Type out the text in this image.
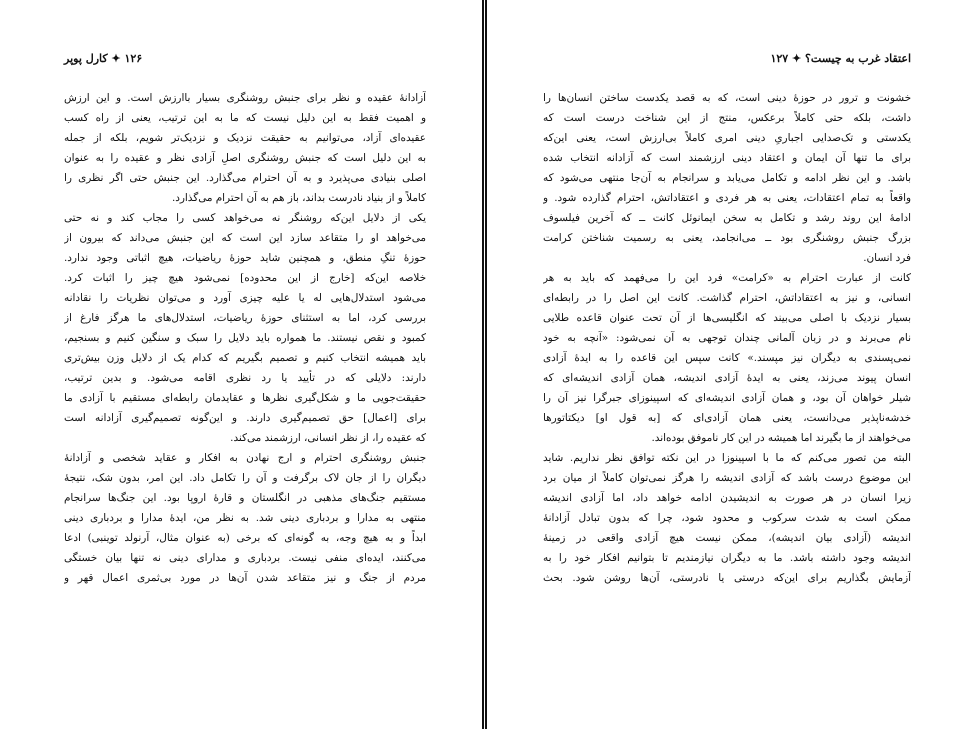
۱۲۶ ✦ کارل پوپر
آزادانهٔ عقیده و نظر برای جنبش روشنگری بسیار باارزش است. و این ارزش
و اهمیت فقط به این دلیل نیست که ما به این ترتیب، یعنی از راه کسب
عقیده‌ای آزاد، می‌توانیم به حقیقت نزدیک و نزدیک‌تر شویم، بلکه از جمله
به این دلیل است که جنبش روشنگری اصلِ آزادی نظر و عقیده را به عنوان
اصلی بنیادی می‌پذیرد و به آن احترام می‌گذارد. این جنبش حتی اگر نظری را
کاملاً و از بنیاد نادرست بداند، باز هم به آن احترام می‌گذارد.
یکی از دلایل این‌که روشنگر نه می‌خواهد کسی را مجاب کند و نه حتی
می‌خواهد او را متقاعد سازد این است که این جنبش می‌داند که بیرون از
حوزهٔ تنگِ منطق، و همچنین شاید حوزهٔ ریاضیات، هیچ اثباتی وجود ندارد.
خلاصه این‌که [خارج از این محدوده] نمی‌شود هیچ چیز را اثبات کرد.
می‌شود استدلال‌هایی له یا علیه چیزی آورد و می‌توان نظریات را نقادانه
بررسی کرد، اما به استثنای حوزهٔ ریاضیات، استدلال‌های ما هرگز فارغ از
کمبود و نقص نیستند. ما همواره باید دلایل را سبک و سنگین کنیم و بسنجیم،
باید همیشه انتخاب کنیم و تصمیم بگیریم که کدام یک از دلایل وزن بیش‌تری
دارند: دلایلی که در تأیید یا رد نظری اقامه می‌شود. و بدین ترتیب،
حقیقت‌جویی ما و شکل‌گیری نظرها و عقایدمان رابطه‌ای مستقیم با آزادی ما
برای [اعمال] حق تصمیم‌گیری دارند. و این‌گونه تصمیم‌گیری آزادانه است
که عقیده را، از نظر انسانی، ارزشمند می‌کند.
جنبش روشنگری احترام و ارج نهادن به افکار و عقاید شخصی و آزادانهٔ
دیگران را از جان لاک برگرفت و آن را تکامل داد. این امر، بدون شک، نتیجهٔ
مستقیم جنگ‌های مذهبی در انگلستان و قارهٔ اروپا بود. این جنگ‌ها سرانجام
منتهی به مدارا و بردباری دینی شد. به نظر من، ایدهٔ مدارا و بردباری دینی
ابداً و به هیچ وجه، به گونه‌ای که برخی (به عنوان مثال، آرنولد توینبی) ادعا
می‌کنند، ایده‌ای منفی نیست. بردباری و مدارای دینی نه تنها بیان خستگی
مردم از جنگ و نیز متقاعد شدن آن‌ها در مورد بی‌ثمری اعمال قهر و
اعتقاد غرب به چیست؟ ✦ ۱۲۷
خشونت و ترور در حوزهٔ دینی است، که به قصد یکدست ساختن انسان‌ها را
داشت، بلکه حتی کاملاً برعکس، منتج از این شناخت درست است که
یکدستی و تک‌صدایی اجباریِ دینی امری کاملاً بی‌ارزش است، یعنی این‌که
برای ما تنها آن ایمان و اعتقاد دینی ارزشمند است که آزادانه انتخاب شده
باشد. و این نظر ادامه و تکامل می‌یابد و سرانجام به آن‌جا منتهی می‌شود که
واقعاً به تمام اعتقادات، یعنی به هر فردی و اعتقاداتش، احترام گذارده شود. و
ادامهٔ این روند رشد و تکامل به سخن ایمانوئل کانت ــ که آخرین فیلسوف
بزرگ جنبش روشنگری بود ــ می‌انجامد، یعنی به رسمیت شناختن کرامت
فرد انسان.
کانت از عبارت احترام به «کرامت» فرد این را می‌فهمد که باید به هر
انسانی، و نیز به اعتقاداتش، احترام گذاشت. کانت این اصل را در رابطه‌ای
بسیار نزدیک با اصلی می‌بیند که انگلیسی‌ها از آن تحت عنوان قاعده طلایی
نام می‌برند و در زبان آلمانی چندان توجهی به آن نمی‌شود: «آنچه به خود
نمی‌پسندی به دیگران نیز مپسند.» کانت سپس این قاعده را به ایدهٔ آزادی
انسان پیوند می‌زند، یعنی به ایدهٔ آزادی اندیشه، همان آزادی اندیشه‌ای که
شیلر خواهان آن بود، و همان آزادی اندیشه‌ای که اسپینوزای جبرگرا نیز آن را
خدشه‌ناپذیر می‌دانست، یعنی همان آزادی‌ای که [به قول او] دیکتاتورها
می‌خواهند از ما بگیرند اما همیشه در این کار ناموفق بوده‌اند.
البته من تصور می‌کنم که ما با اسپینوزا در این نکته توافق نظر نداریم. شاید
این موضوع درست باشد که آزادی اندیشه را هرگز نمی‌توان کاملاً از میان برد
زیرا انسان در هر صورت به اندیشیدن ادامه خواهد داد، اما آزادی اندیشه
ممکن است به شدت سرکوب و محدود شود، چرا که بدون تبادل آزادانهٔ
اندیشه (آزادی بیان اندیشه)، ممکن نیست هیچ آزادی واقعی در زمینهٔ
اندیشه وجود داشته باشد. ما به دیگران نیازمندیم تا بتوانیم افکار خود را به
آزمایش بگذاریم برای این‌که درستی یا نادرستی، آن‌ها روشن شود. بحث
